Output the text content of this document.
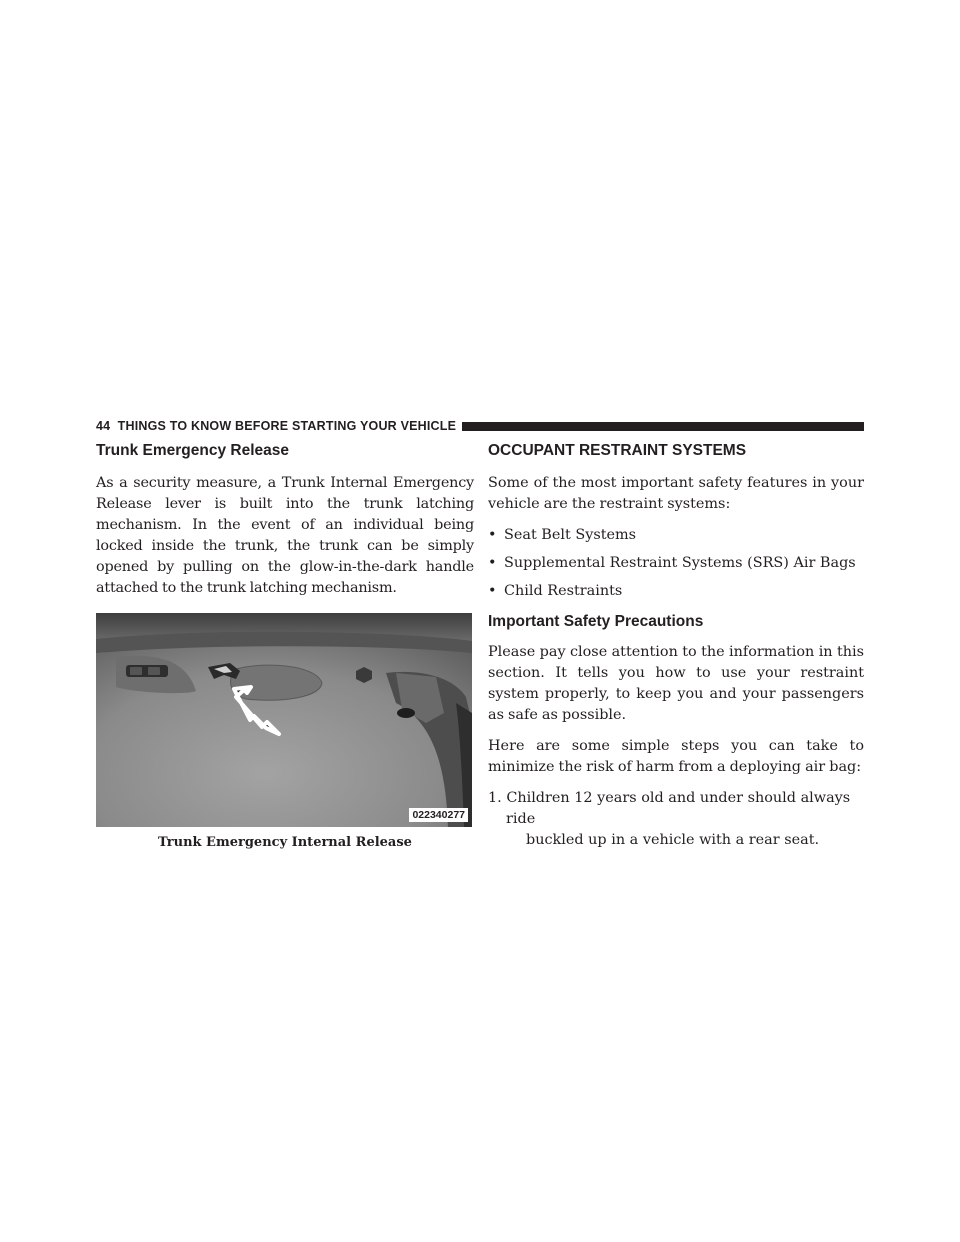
44
THINGS TO KNOW BEFORE STARTING YOUR VEHICLE
Trunk Emergency Release

As a security measure, a Trunk Internal Emergency Release lever is built into the trunk latching mechanism. In the event of an individual being locked inside the trunk, the trunk can be simply opened by pulling on the glow-in-the-dark handle attached to the trunk latching mechanism.

022340277
Trunk Emergency Internal Release
OCCUPANT RESTRAINT SYSTEMS

Some of the most important safety features in your vehicle are the restraint systems:

• Seat Belt Systems
• Supplemental Restraint Systems (SRS) Air Bags
• Child Restraints
Important Safety Precautions

Please pay close attention to the information in this section. It tells you how to use your restraint system properly, to keep you and your passengers as safe as possible.

Here are some simple steps you can take to minimize the risk of harm from a deploying air bag:

1. Children 12 years old and under should always ride
buckled up in a vehicle with a rear seat.
